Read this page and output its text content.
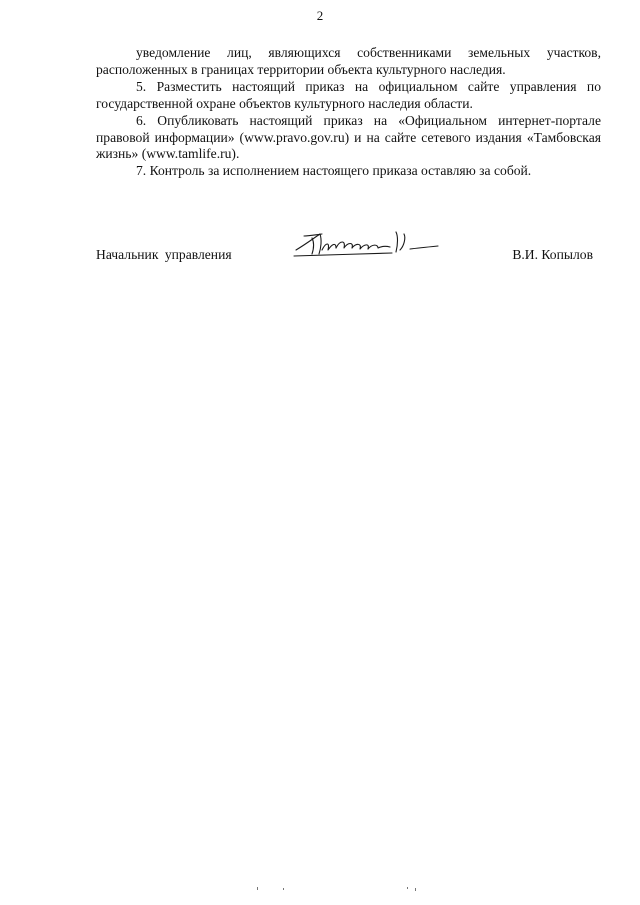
2

уведомление лиц, являющихся собственниками земельных участков, расположенных в границах территории объекта культурного наследия.

5. Разместить настоящий приказ на официальном сайте управления по государственной охране объектов культурного наследия области.

6. Опубликовать настоящий приказ на «Официальном интернет-портале правовой информации» (www.pravo.gov.ru) и на сайте сетевого издания «Тамбовская жизнь» (www.tamlife.ru).

7. Контроль за исполнением настоящего приказа оставляю за собой.

Начальник управления	В.И. Копылов
